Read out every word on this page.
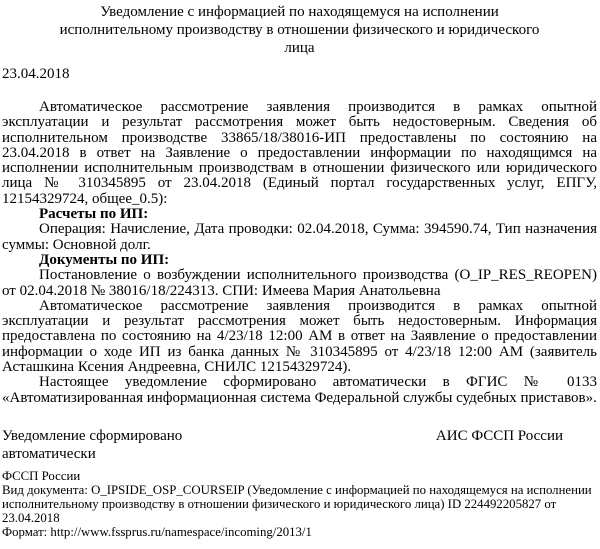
Уведомление с информацией по находящемуся на исполнении исполнительному производству в отношении физического и юридического лица
23.04.2018

Автоматическое рассмотрение заявления производится в рамках опытной эксплуатации и результат рассмотрения может быть недостоверным. Сведения об исполнительном производстве 33865/18/38016-ИП предоставлены по состоянию на 23.04.2018 в ответ на Заявление о предоставлении информации по находящимся на исполнении исполнительным производствам в отношении физического или юридического лица № 310345895 от 23.04.2018 (Единый портал государственных услуг, ЕПГУ, 12154329724, общее_0.5):

Расчеты по ИП:

Операция: Начисление, Дата проводки: 02.04.2018, Сумма: 394590.74, Тип назначения суммы: Основной долг.

Документы по ИП:

Постановление о возбуждении исполнительного производства (O_IP_RES_REOPEN) от 02.04.2018 № 38016/18/224313. СПИ: Имеева Мария Анатольевна

Автоматическое рассмотрение заявления производится в рамках опытной эксплуатации и результат рассмотрения может быть недостоверным. Информация предоставлена по состоянию на 4/23/18 12:00 AM в ответ на Заявление о предоставлении информации о ходе ИП из банка данных № 310345895 от 4/23/18 12:00 AM (заявитель Асташкина Ксения Андреевна, СНИЛС 12154329724).

Настоящее уведомление сформировано автоматически в ФГИС № 0133 «Автоматизированная информационная система Федеральной службы судебных приставов».

Уведомление сформировано автоматически
АИС ФССП России

ФССП России

Вид документа: O_IPSIDE_OSP_COURSEIP (Уведомление с информацией по находящемуся на исполнении исполнительному производству в отношении физического и юридического лица) ID 224492205827 от 23.04.2018

Формат: http://www.fssprus.ru/namespace/incoming/2013/1
